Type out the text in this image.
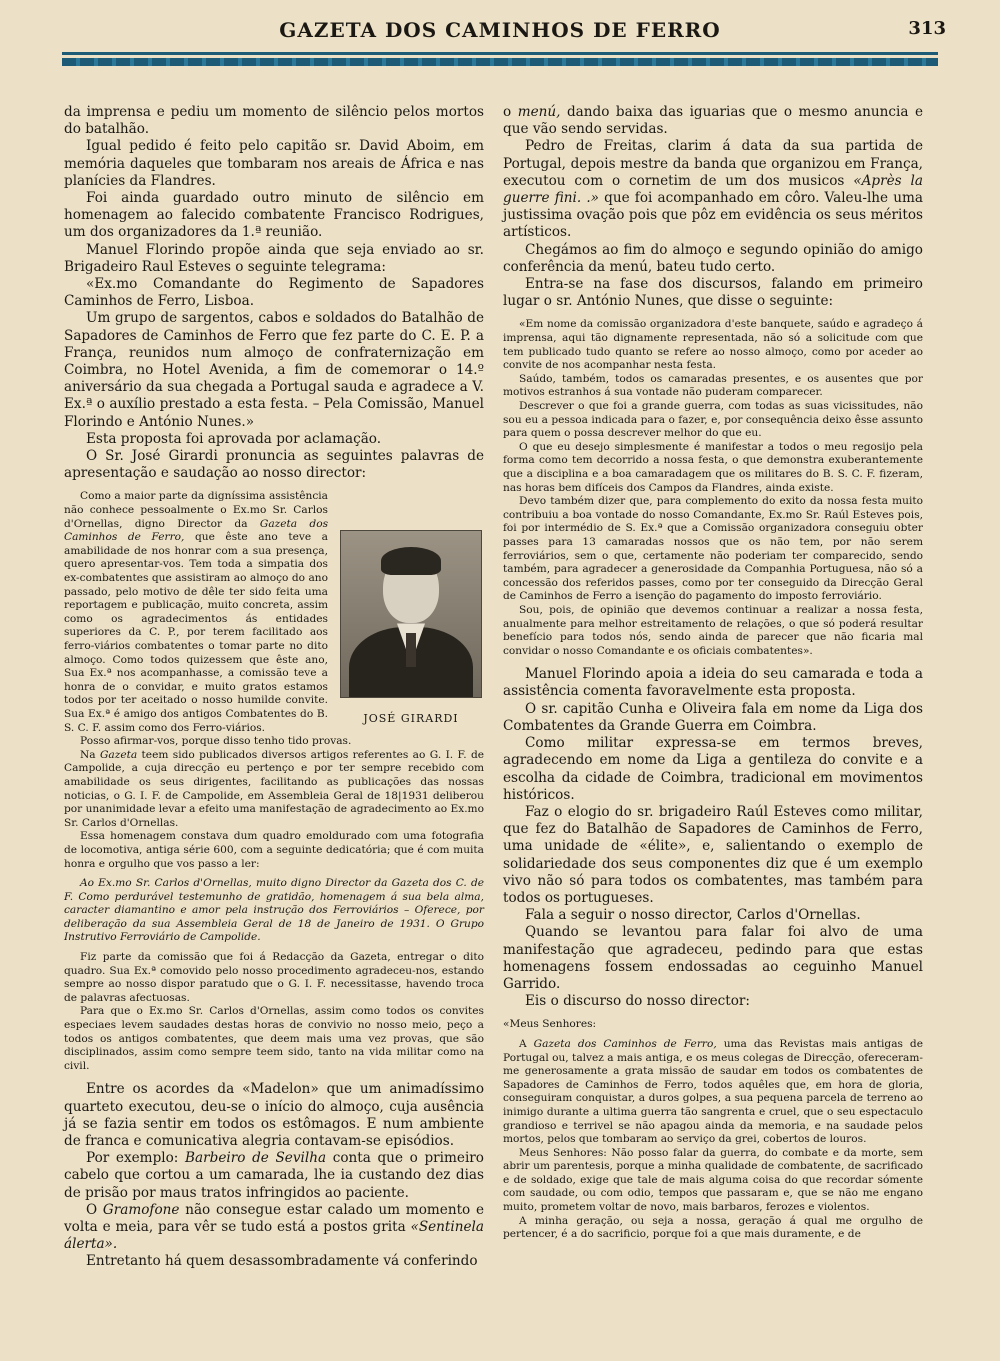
GAZETA DOS CAMINHOS DE FERRO	313

da imprensa e pediu um momento de silêncio pelos mortos do batalhão.

Igual pedido é feito pelo capitão sr. David Aboim, em memória daqueles que tombaram nos areais de África e nas planícies da Flandres.

Foi ainda guardado outro minuto de silêncio em homenagem ao falecido combatente Francisco Rodrigues, um dos organizadores da 1.ª reunião.

Manuel Florindo propõe ainda que seja enviado ao sr. Brigadeiro Raul Esteves o seguinte telegrama:

«Ex.mo Comandante do Regimento de Sapadores Caminhos de Ferro, Lisboa.

Um grupo de sargentos, cabos e soldados do Batalhão de Sapadores de Caminhos de Ferro que fez parte do C. E. P. a França, reunidos num almoço de confraternização em Coimbra, no Hotel Avenida, a fim de comemorar o 14.º aniversário da sua chegada a Portugal sauda e agradece a V. Ex.ª o auxílio prestado a esta festa. – Pela Comissão, Manuel Florindo e António Nunes.»

Esta proposta foi aprovada por aclamação.

O Sr. José Girardi pronuncia as seguintes palavras de apresentação e saudação ao nosso director:

JOSÉ GIRARDI

Como a maior parte da digníssima assistência não conhece pessoalmente o Ex.mo Sr. Carlos d'Ornellas, digno Director da Gazeta dos Caminhos de Ferro, que êste ano teve a amabilidade de nos honrar com a sua presença, quero apresentar-vos. Tem toda a simpatia dos ex-combatentes que assistiram ao almoço do ano passado, pelo motivo de dêle ter sido feita uma reportagem e publicação, muito concreta, assim como os agradecimentos ás entidades superiores da C. P., por terem facilitado aos ferro-viários combatentes o tomar parte no dito almoço. Como todos quizessem que êste ano, Sua Ex.ª nos acompanhasse, a comissão teve a honra de o convidar, e muito gratos estamos todos por ter aceitado o nosso humilde convite. Sua Ex.ª é amigo dos antigos Combatentes do B. S. C. F. assim como dos Ferro-viários.

Posso afirmar-vos, porque disso tenho tido provas.

Na Gazeta teem sido publicados diversos artigos referentes ao G. I. F. de Campolide, a cuja direcção eu pertenço e por ter sempre recebido com amabilidade os seus dirigentes, facilitando as publicações das nossas noticias, o G. I. F. de Campolide, em Assembleia Geral de 18|1931 deliberou por unanimidade levar a efeito uma manifestação de agradecimento ao Ex.mo Sr. Carlos d'Ornellas.

Essa homenagem constava dum quadro emoldurado com uma fotografia de locomotiva, antiga série 600, com a seguinte dedicatória; que é com muita honra e orgulho que vos passo a ler:

Ao Ex.mo Sr. Carlos d'Ornellas, muito digno Director da Gazeta dos C. de F. Como perdurável testemunho de gratidão, homenagem á sua bela alma, caracter diamantino e amor pela instrução dos Ferroviários – Oferece, por deliberação da sua Assembleia Geral de 18 de Janeiro de 1931. O Grupo Instrutivo Ferroviário de Campolide.

Fiz parte da comissão que foi á Redacção da Gazeta, entregar o dito quadro. Sua Ex.ª comovido pelo nosso procedimento agradeceu-nos, estando sempre ao nosso dispor paratudo que o G. I. F. necessitasse, havendo troca de palavras afectuosas.

Para que o Ex.mo Sr. Carlos d'Ornellas, assim como todos os convites especiaes levem saudades destas horas de convivio no nosso meio, peço a todos os antigos combatentes, que deem mais uma vez provas, que são disciplinados, assim como sempre teem sido, tanto na vida militar como na civil.

Entre os acordes da «Madelon» que um animadíssimo quarteto executou, deu-se o início do almoço, cuja ausência já se fazia sentir em todos os estômagos. E num ambiente de franca e comunicativa alegria contavam-se episódios.

Por exemplo: Barbeiro de Sevilha conta que o primeiro cabelo que cortou a um camarada, lhe ia custando dez dias de prisão por maus tratos infringidos ao paciente.

O Gramofone não consegue estar calado um momento e volta e meia, para vêr se tudo está a postos grita «Sentinela álerta».

Entretanto há quem desassombradamente vá conferindo

o menú, dando baixa das iguarias que o mesmo anuncia e que vão sendo servidas.

Pedro de Freitas, clarim á data da sua partida de Portugal, depois mestre da banda que organizou em França, executou com o cornetim de um dos musicos «Après la guerre fini. .» que foi acompanhado em côro. Valeu-lhe uma justissima ovação pois que pôz em evidência os seus méritos artísticos.

Chegámos ao fim do almoço e segundo opinião do amigo conferência da menú, bateu tudo certo.

Entra-se na fase dos discursos, falando em primeiro lugar o sr. António Nunes, que disse o seguinte:

«Em nome da comissão organizadora d'este banquete, saúdo e agradeço á imprensa, aqui tão dignamente representada, não só a solicitude com que tem publicado tudo quanto se refere ao nosso almoço, como por aceder ao convite de nos acompanhar nesta festa.

Saúdo, também, todos os camaradas presentes, e os ausentes que por motivos estranhos á sua vontade não puderam comparecer.

Descrever o que foi a grande guerra, com todas as suas vicissitudes, não sou eu a pessoa indicada para o fazer, e, por consequência deixo êsse assunto para quem o possa descrever melhor do que eu.

O que eu desejo simplesmente é manifestar a todos o meu regosijo pela forma como tem decorrido a nossa festa, o que demonstra exuberantemente que a disciplina e a boa camaradagem que os militares do B. S. C. F. fizeram, nas horas bem difíceis dos Campos da Flandres, ainda existe.

Devo também dizer que, para complemento do exito da nossa festa muito contribuiu a boa vontade do nosso Comandante, Ex.mo Sr. Raúl Esteves pois, foi por intermédio de S. Ex.ª que a Comissão organizadora conseguiu obter passes para 13 camaradas nossos que os não tem, por não serem ferroviários, sem o que, certamente não poderiam ter comparecido, sendo também, para agradecer a generosidade da Companhia Portuguesa, não só a concessão dos referidos passes, como por ter conseguido da Direcção Geral de Caminhos de Ferro a isenção do pagamento do imposto ferroviário.

Sou, pois, de opinião que devemos continuar a realizar a nossa festa, anualmente para melhor estreitamento de relações, o que só poderá resultar benefício para todos nós, sendo ainda de parecer que não ficaria mal convidar o nosso Comandante e os oficiais combatentes».

Manuel Florindo apoia a ideia do seu camarada e toda a assistência comenta favoravelmente esta proposta.

O sr. capitão Cunha e Oliveira fala em nome da Liga dos Combatentes da Grande Guerra em Coimbra.

Como militar expressa-se em termos breves, agradecendo em nome da Liga a gentileza do convite e a escolha da cidade de Coimbra, tradicional em movimentos históricos.

Faz o elogio do sr. brigadeiro Raúl Esteves como militar, que fez do Batalhão de Sapadores de Caminhos de Ferro, uma unidade de «élite», e, salientando o exemplo de solidariedade dos seus componentes diz que é um exemplo vivo não só para todos os combatentes, mas também para todos os portugueses.

Fala a seguir o nosso director, Carlos d'Ornellas.

Quando se levantou para falar foi alvo de uma manifestação que agradeceu, pedindo para que estas homenagens fossem endossadas ao ceguinho Manuel Garrido.

Eis o discurso do nosso director:

«Meus Senhores:

A Gazeta dos Caminhos de Ferro, uma das Revistas mais antigas de Portugal ou, talvez a mais antiga, e os meus colegas de Direcção, ofereceram-me generosamente a grata missão de saudar em todos os combatentes de Sapadores de Caminhos de Ferro, todos aquêles que, em hora de gloria, conseguiram conquistar, a duros golpes, a sua pequena parcela de terreno ao inimigo durante a ultima guerra tão sangrenta e cruel, que o seu espectaculo grandioso e terrivel se não apagou ainda da memoria, e na saudade pelos mortos, pelos que tombaram ao serviço da grei, cobertos de louros.

Meus Senhores: Não posso falar da guerra, do combate e da morte, sem abrir um parentesis, porque a minha qualidade de combatente, de sacrificado e de soldado, exige que tale de mais alguma coisa do que recordar sómente com saudade, ou com odio, tempos que passaram e, que se não me engano muito, prometem voltar de novo, mais barbaros, ferozes e violentos.

A minha geração, ou seja a nossa, geração á qual me orgulho de pertencer, é a do sacrificio, porque foi a que mais duramente, e de
